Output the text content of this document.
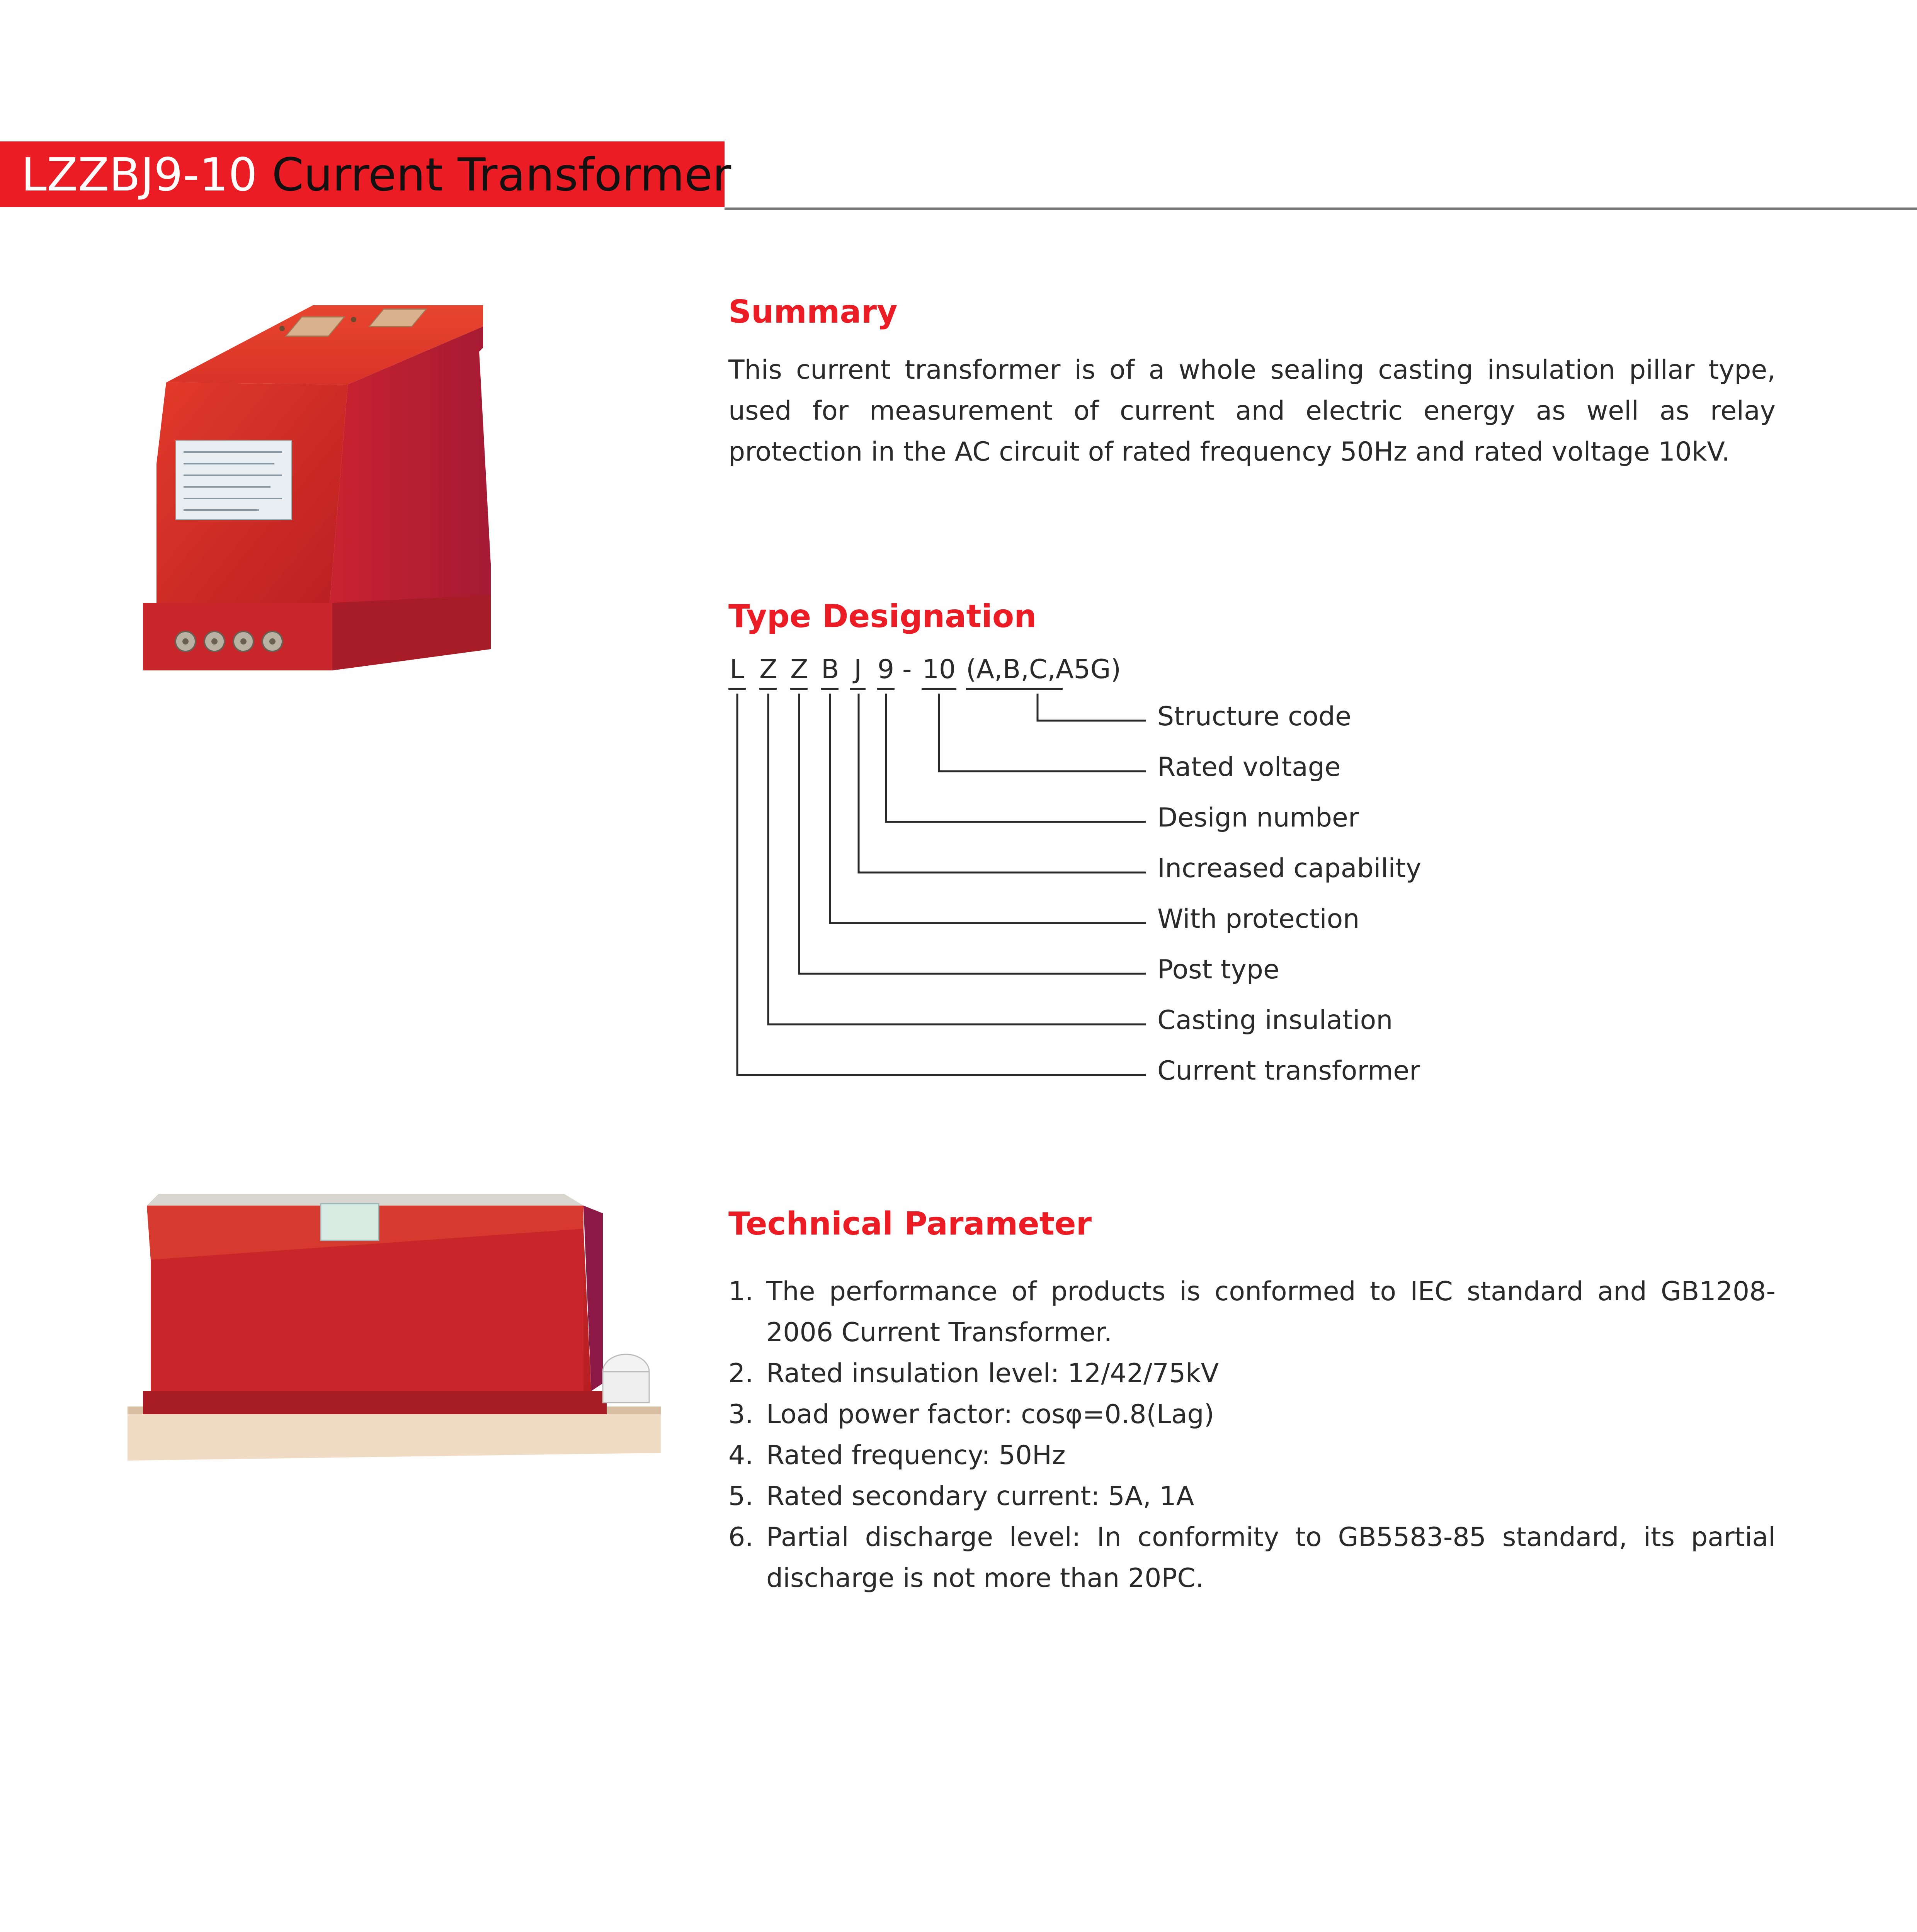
LZZBJ9-10 Current Transformer
Summary
This current transformer is of a whole sealing casting insulation pillar type, used for measurement of current and electric energy as well as relay protection in the AC circuit of rated frequency 50Hz and rated voltage 10kV.
Type Designation
L Z Z B J 9 - 10 (A,B,C,A5G)
Structure code
Rated voltage
Design number
Increased capability
With protection
Post type
Casting insulation
Current transformer
Technical Parameter
1. The performance of products is conformed to IEC standard and GB1208-2006 Current Transformer.
2. Rated insulation level: 12/42/75kV
3. Load power factor: cosφ=0.8(Lag)
4. Rated frequency: 50Hz
5. Rated secondary current: 5A, 1A
6. Partial discharge level: In conformity to GB5583-85 standard, its partial discharge is not more than 20PC.
